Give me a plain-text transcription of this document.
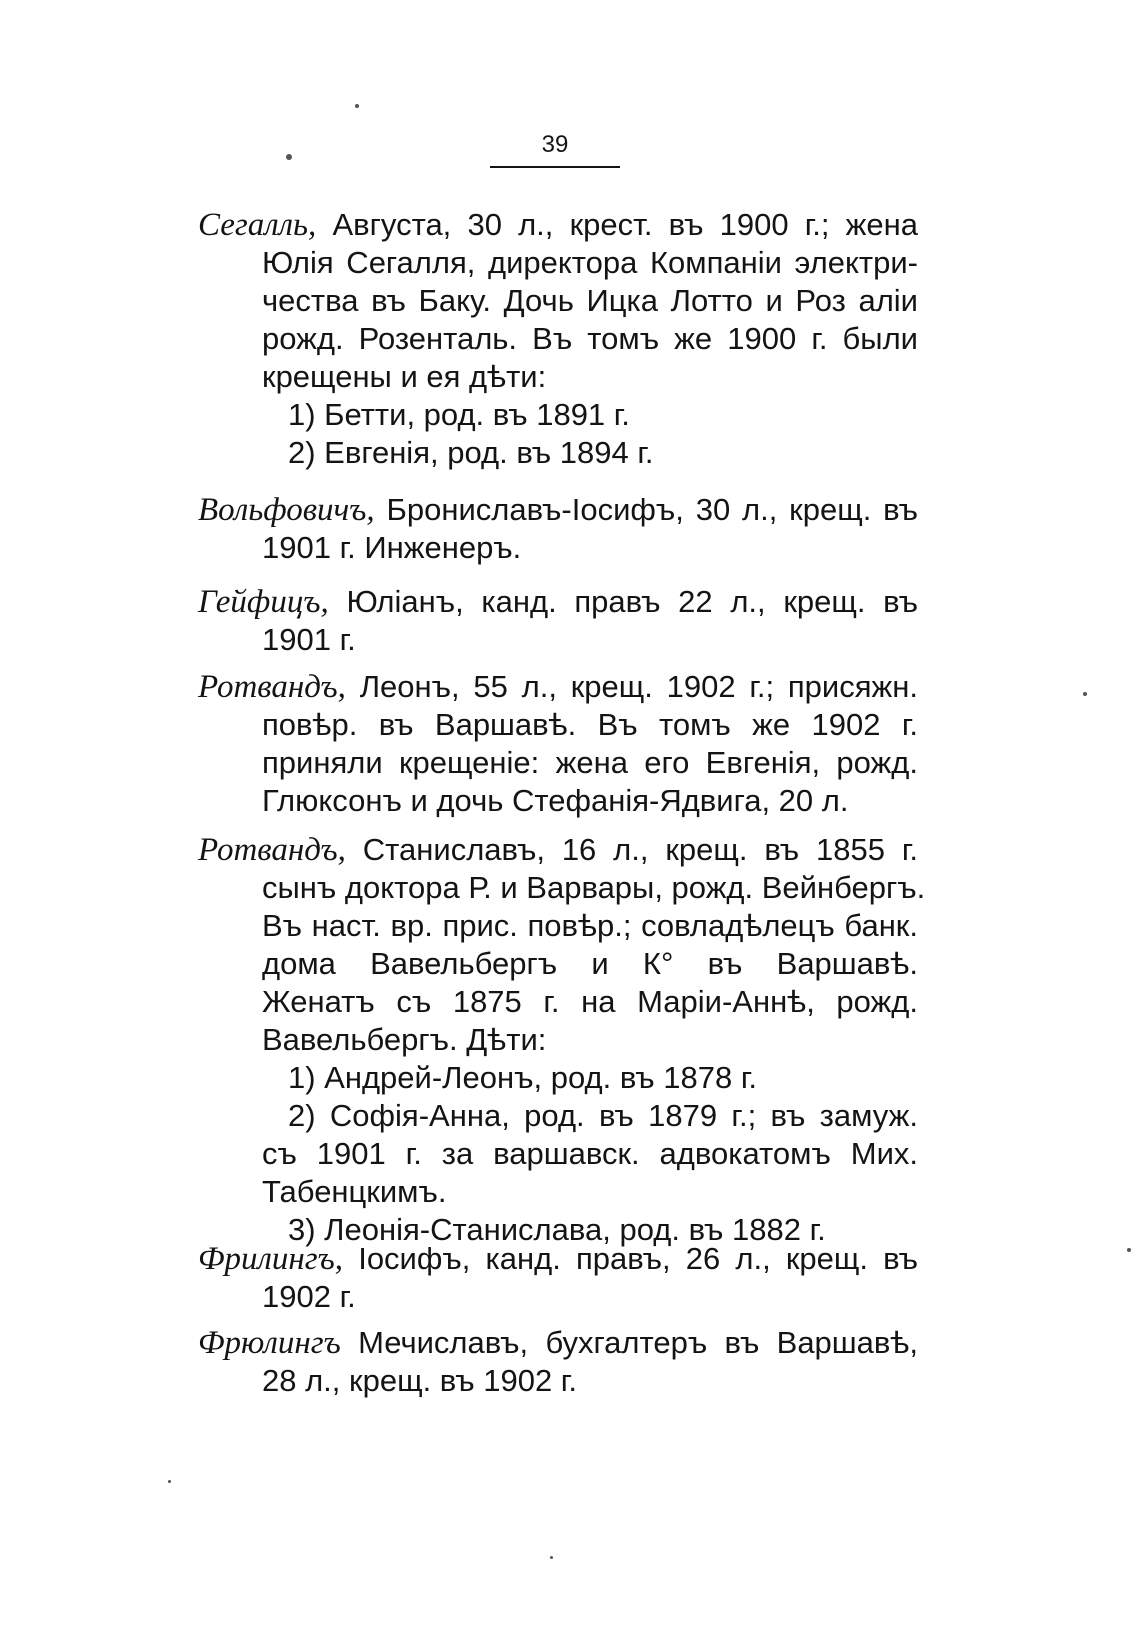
39
Сегалль, Августа, 30 л., крест. въ 1900 г.; жена
Юлія Сегалля, директора Компаніи электри-
чества въ Баку. Дочь Ицка Лотто и Роз аліи
рожд. Розенталь. Въ томъ же 1900 г. были
крещены и ея дѣти:
1) Бетти, род. въ 1891 г.
2) Евгенія, род. въ 1894 г.
Вольфовичъ, Брониславъ-Іосифъ, 30 л., крещ. въ
1901 г. Инженеръ.
Гейфицъ, Юліанъ, канд. правъ 22 л., крещ. въ
1901 г.
Ротвандъ, Леонъ, 55 л., крещ. 1902 г.; присяжн.
повѣр. въ Варшавѣ. Въ томъ же 1902 г.
приняли крещеніе: жена его Евгенія, рожд.
Глюксонъ и дочь Стефанія-Ядвига, 20 л.
Ротвандъ, Станиславъ, 16 л., крещ. въ 1855 г.
сынъ доктора Р. и Варвары, рожд. Вейнбергъ.
Въ наст. вр. прис. повѣр.; совладѣлецъ банк.
дома Вавельбергъ и К° въ Варшавѣ.
Женатъ съ 1875 г. на Маріи-Аннѣ, рожд.
Вавельбергъ. Дѣти:
1) Андрей-Леонъ, род. въ 1878 г.
2) Софія-Анна, род. въ 1879 г.; въ замуж.
съ 1901 г. за варшавск. адвокатомъ Мих.
Табенцкимъ.
3) Леонія-Станислава, род. въ 1882 г.
Фрилингъ, Іосифъ, канд. правъ, 26 л., крещ. въ
1902 г.
Фрюлингъ Мечиславъ, бухгалтеръ въ Варшавѣ,
28 л., крещ. въ 1902 г.
